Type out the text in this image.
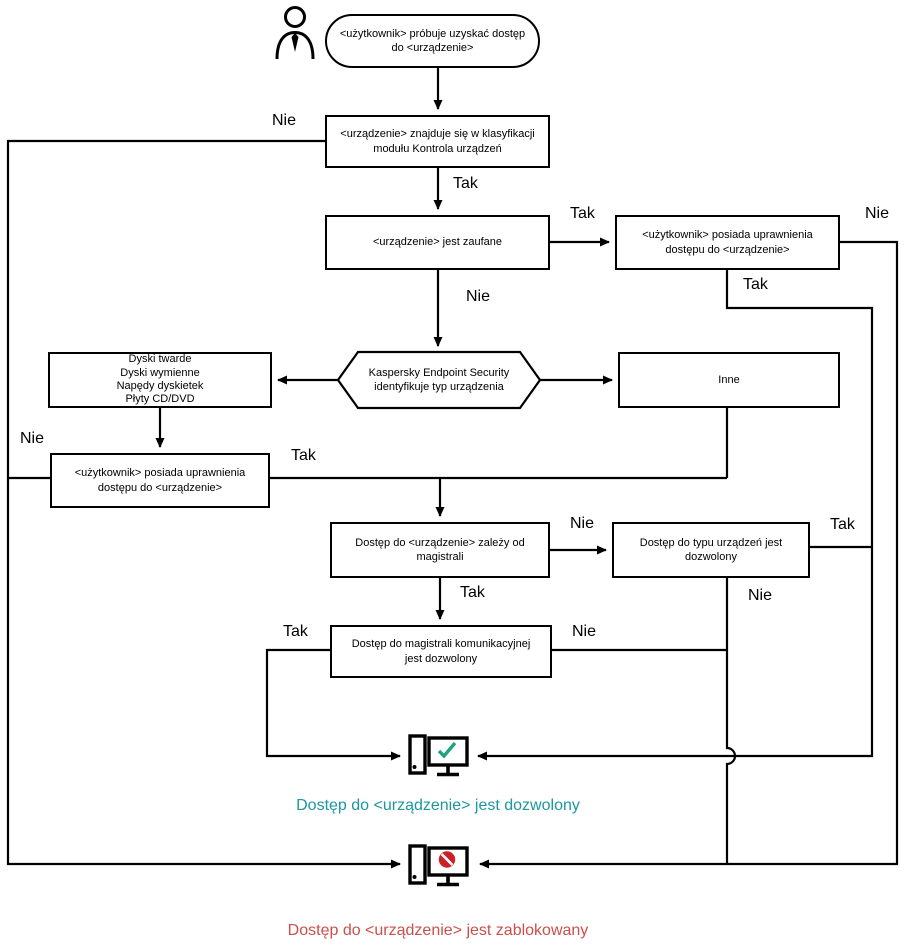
<użytkownik> próbuje uzyskać dostęp do <urządzenie>
<urządzenie> znajduje się w klasyfikacji modułu Kontrola urządzeń
<urządzenie> jest zaufane
<użytkownik> posiada uprawnienia dostępu do <urządzenie>
Dyski twarde
Dyski wymienne
Napędy dyskietek
Płyty CD/DVD
Kaspersky Endpoint Security identyfikuje typ urządzenia
Inne
<użytkownik> posiada uprawnienia dostępu do <urządzenie>
Dostęp do <urządzenie> zależy od magistrali
Dostęp do typu urządzeń jest dozwolony
Dostęp do magistrali komunikacyjnej jest dozwolony
Nie
Tak
Tak	Nie
Tak
Nie
Nie
Tak
Nie	Tak
Tak	Nie
Tak	Nie
Dostęp do <urządzenie> jest dozwolony
Dostęp do <urządzenie> jest zablokowany
